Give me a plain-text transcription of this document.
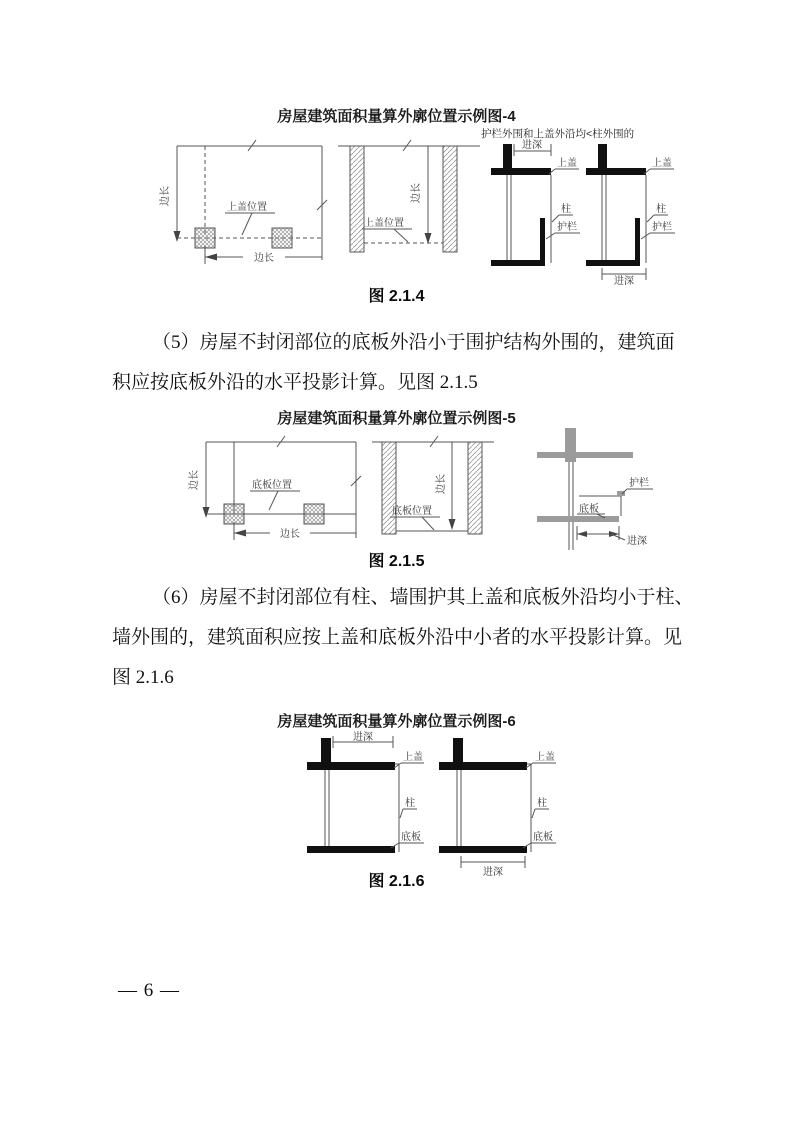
房屋建筑面积量算外廓位置示例图-4
边长
上盖位置
边长
边长
上盖位置
护栏外围和上盖外沿均<柱外围的
进深
上盖
柱
护栏
进深
上盖
柱
护栏
图 2.1.4
（5）房屋不封闭部位的底板外沿小于围护结构外围的，建筑面
积应按底板外沿的水平投影计算。见图 2.1.5
房屋建筑面积量算外廓位置示例图-5
边长	底板位置
边长
边长
底板位置
护栏
底板
进深
图 2.1.5
（6）房屋不封闭部位有柱、墙围护其上盖和底板外沿均小于柱、
墙外围的，建筑面积应按上盖和底板外沿中小者的水平投影计算。见
图 2.1.6
房屋建筑面积量算外廓位置示例图-6
进深
上盖
柱
底板
进深
上盖
柱
底板
图 2.1.6
— 6 —
